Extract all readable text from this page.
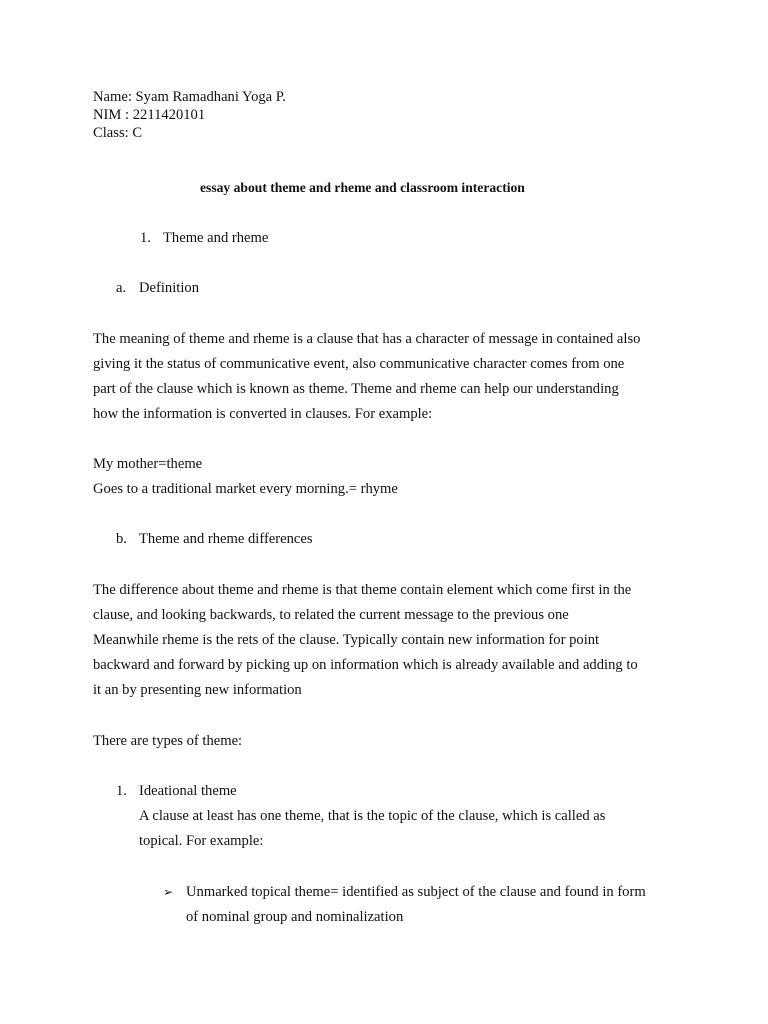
Name: Syam Ramadhani Yoga P.
NIM : 2211420101
Class: C
essay about theme and rheme and classroom interaction
1. Theme and rheme
a. Definition
The meaning of theme and rheme is a clause that has a character of message in contained also
giving it the status of communicative event, also communicative character comes from one
part of the clause which is known as theme. Theme and rheme can help our understanding
how the information is converted in clauses. For example:
My mother=theme
Goes to a traditional market every morning.= rhyme
b. Theme and rheme differences
The difference about theme and rheme is that theme contain element which come first in the
clause, and looking backwards, to related the current message to the previous one
Meanwhile rheme is the rets of the clause. Typically contain new information for point
backward and forward by picking up on information which is already available and adding to
it an by presenting new information
There are types of theme:
1. Ideational theme
A clause at least has one theme, that is the topic of the clause, which is called as
topical. For example:
➢ Unmarked topical theme= identified as subject of the clause and found in form
of nominal group and nominalization
